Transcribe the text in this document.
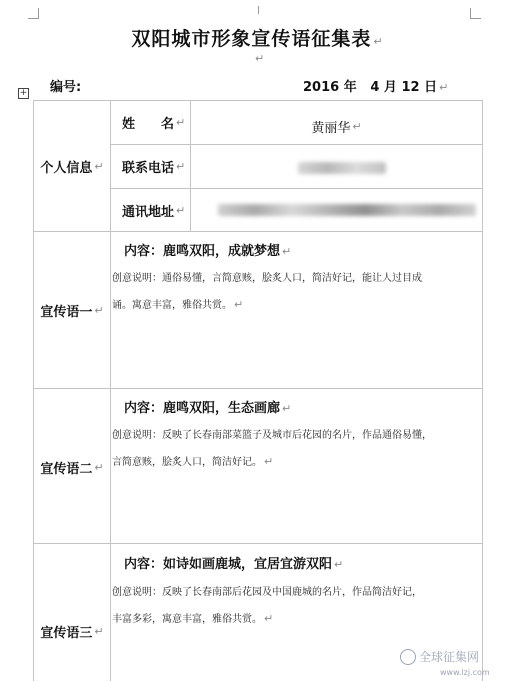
双阳城市形象宣传语征集表 ↵
↵
编号:	2016 年 4 月 12 日 ↵
+
个人信息 ↵
姓　　名 ↵	黄丽华 ↵
联系电话 ↵
通讯地址 ↵
内容：鹿鸣双阳，成就梦想 ↵
创意说明：通俗易懂，言简意赅，脍炙人口，简洁好记，能让人过目成
诵。寓意丰富，雅俗共赏。 ↵
宣传语一 ↵
内容：鹿鸣双阳，生态画廊 ↵
创意说明：反映了长春南部菜篮子及城市后花园的名片，作品通俗易懂，
言简意赅，脍炙人口，简洁好记。 ↵
宣传语二 ↵
内容：如诗如画鹿城，宜居宜游双阳 ↵
创意说明：反映了长春南部后花园及中国鹿城的名片，作品简洁好记，
丰富多彩，寓意丰富，雅俗共赏。 ↵
宣传语三 ↵
全球征集网
www.lzj.com
